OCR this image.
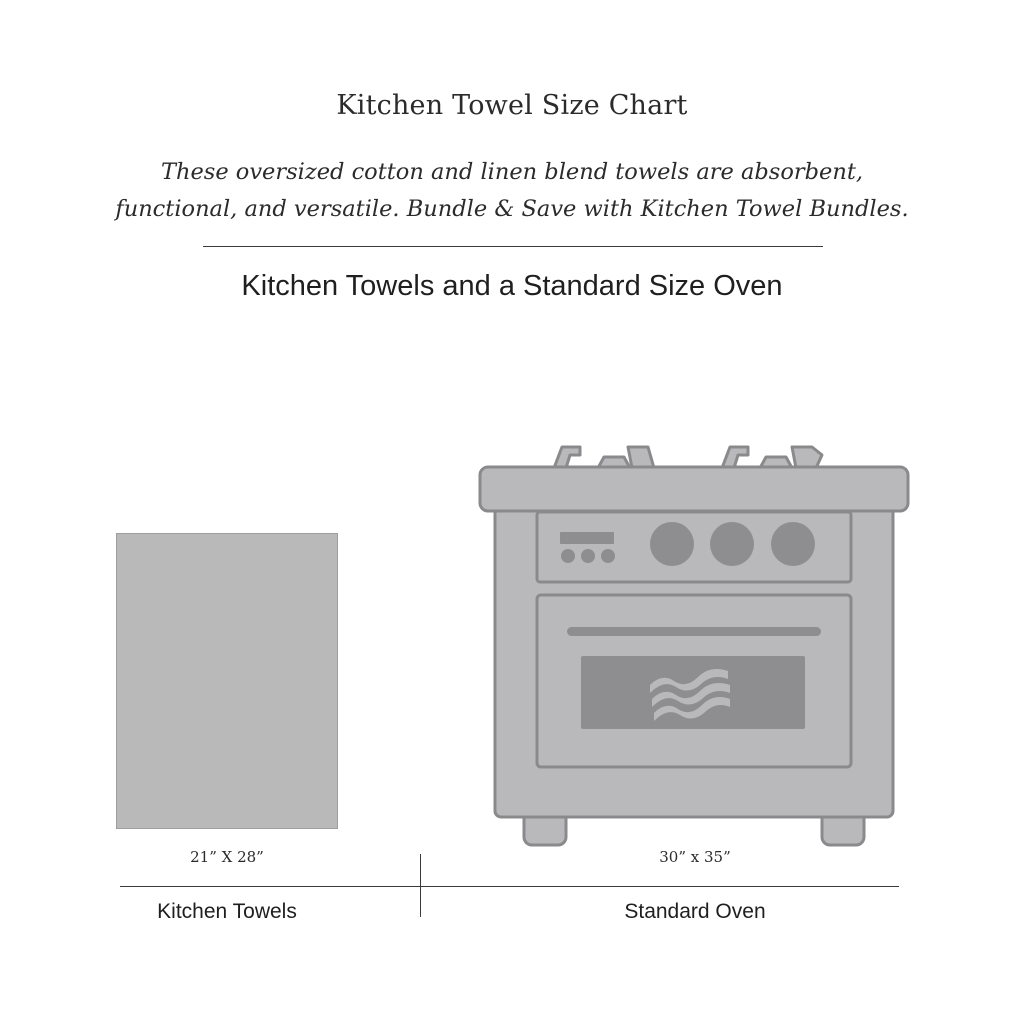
Kitchen Towel Size Chart
These oversized cotton and linen blend towels are absorbent,
functional, and versatile. Bundle & Save with Kitchen Towel Bundles.
Kitchen Towels and a Standard Size Oven
21” X 28”	30” x 35”
Kitchen Towels	Standard Oven
